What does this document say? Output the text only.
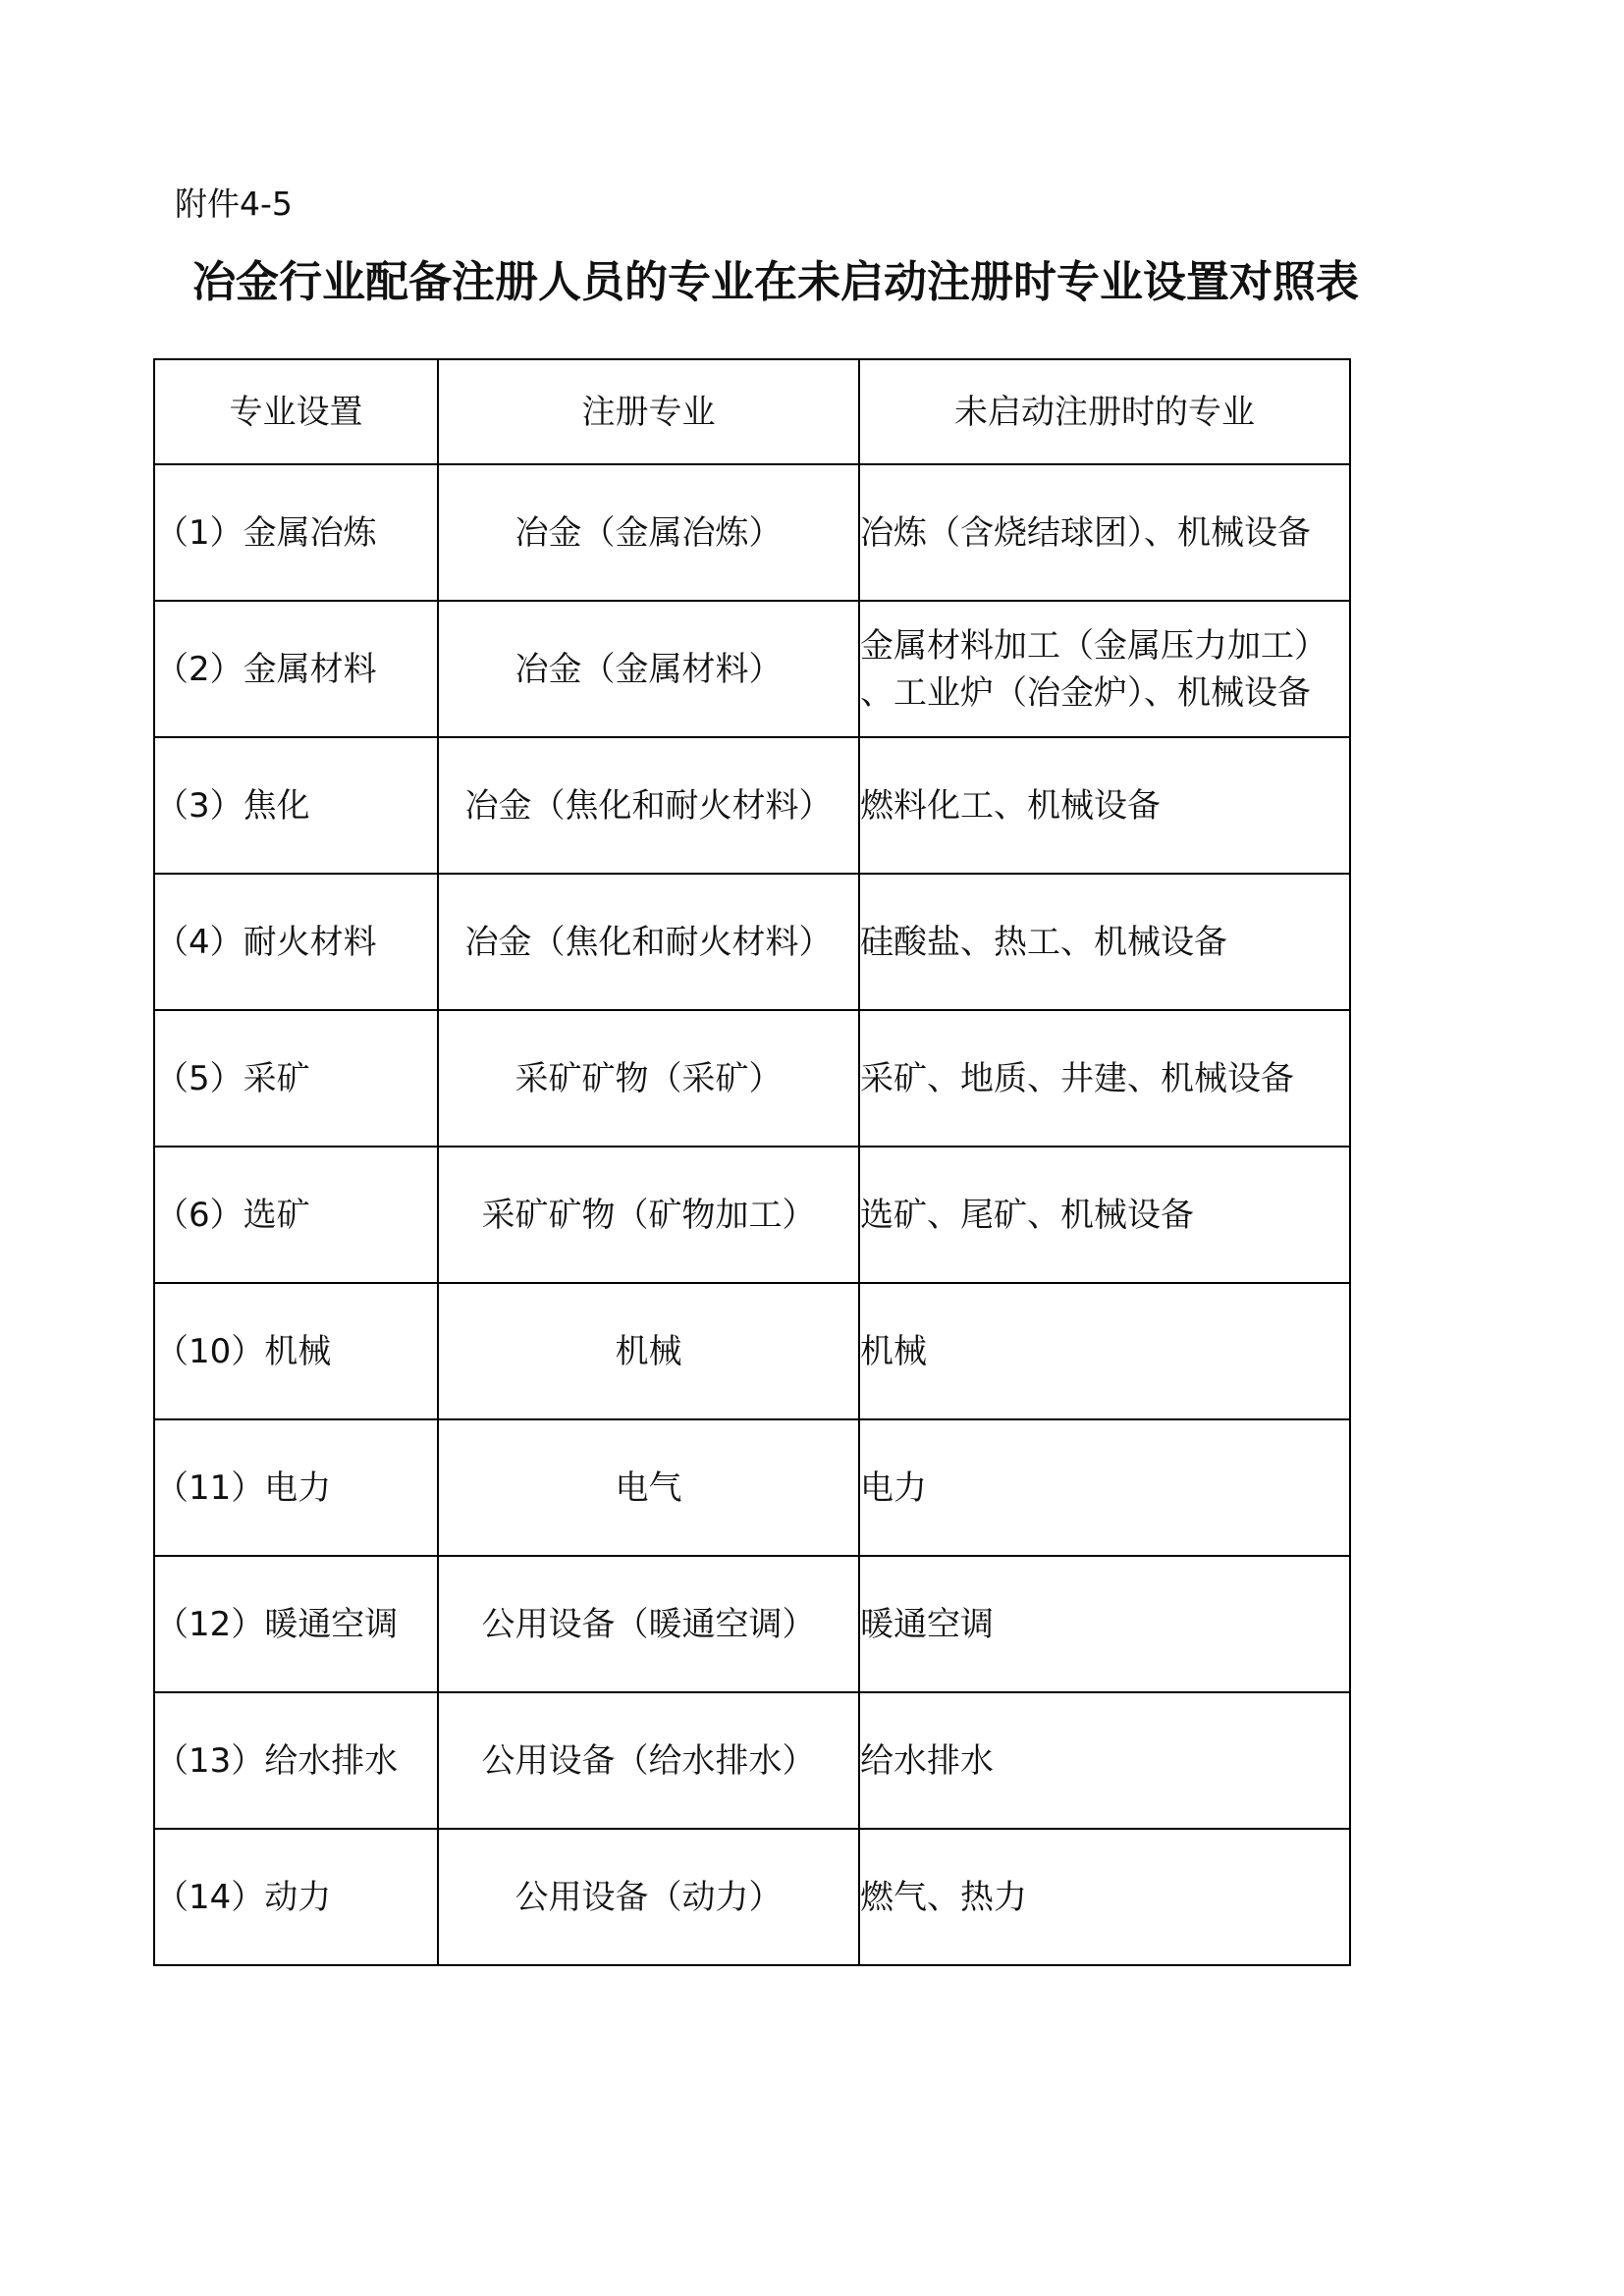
附件4-5
冶金行业配备注册人员的专业在未启动注册时专业设置对照表
专业设置	注册专业	未启动注册时的专业
（1）金属冶炼	冶金（金属冶炼）	冶炼（含烧结球团）、机械设备
（2）金属材料	冶金（金属材料）	金属材料加工（金属压力加工）
、工业炉（冶金炉）、机械设备

（3）焦化	冶金（焦化和耐火材料）	燃料化工、机械设备
（4）耐火材料	冶金（焦化和耐火材料）	硅酸盐、热工、机械设备
（5）采矿	采矿矿物（采矿）	采矿、地质、井建、机械设备
（6）选矿	采矿矿物（矿物加工）	选矿、尾矿、机械设备
（10）机械	机械	机械
（11）电力	电气	电力
（12）暖通空调	公用设备（暖通空调）	暖通空调
（13）给水排水	公用设备（给水排水）	给水排水
（14）动力	公用设备（动力）	燃气、热力
